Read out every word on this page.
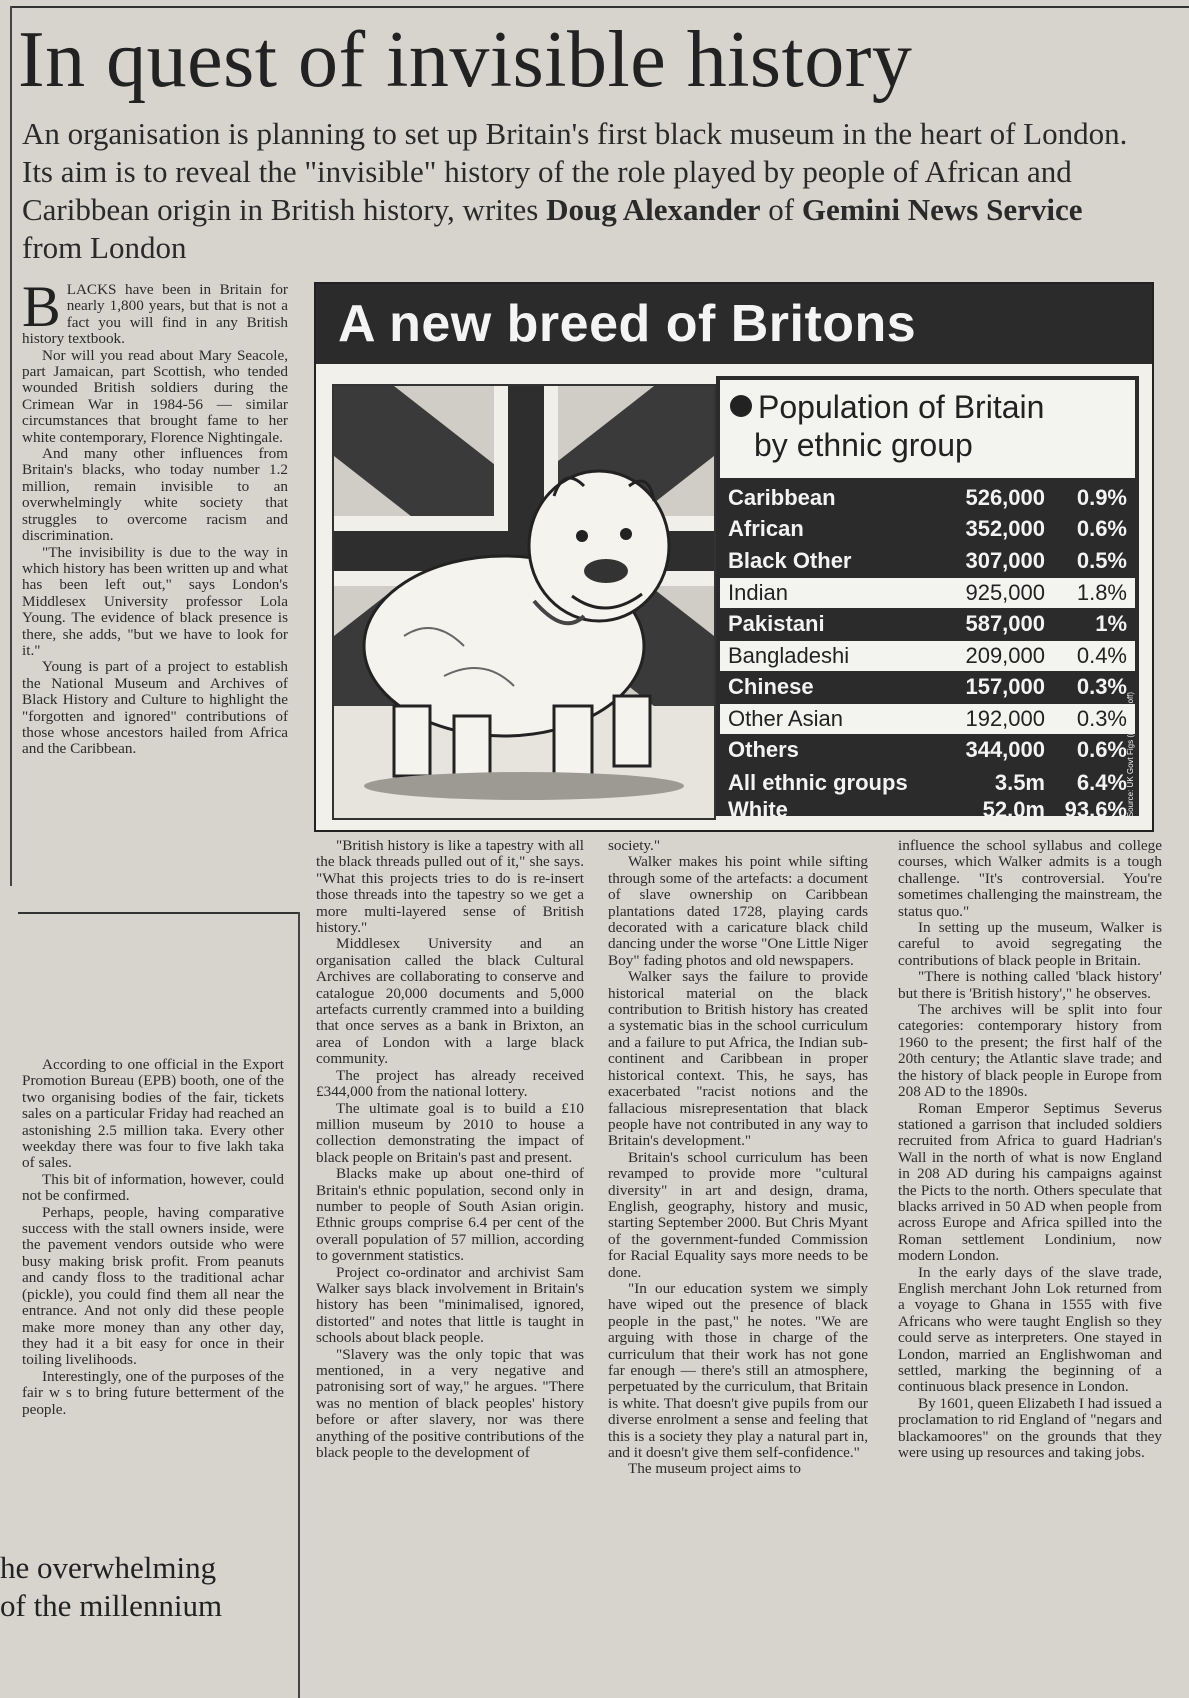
In quest of invisible history
An organisation is planning to set up Britain's first black museum in the heart of London. Its aim is to reveal the "invisible" history of the role played by people of African and Caribbean origin in British history, writes Doug Alexander of Gemini News Service from London

BLACKS have been in Britain for nearly 1,800 years, but that is not a fact you will find in any British history textbook.

Nor will you read about Mary Seacole, part Jamaican, part Scottish, who tended wounded British soldiers during the Crimean War in 1984-56 — similar circumstances that brought fame to her white contemporary, Florence Nightingale.

And many other influences from Britain's blacks, who today number 1.2 million, remain invisible to an overwhelmingly white society that struggles to overcome racism and discrimination.

"The invisibility is due to the way in which history has been written up and what has been left out," says London's Middlesex University professor Lola Young. The evidence of black presence is there, she adds, "but we have to look for it."

Young is part of a project to establish the National Museum and Archives of Black History and Culture to highlight the "forgotten and ignored" contributions of those whose ancestors hailed from Africa and the Caribbean.

According to one official in the Export Promotion Bureau (EPB) booth, one of the two organising bodies of the fair, tickets sales on a particular Friday had reached an astonishing 2.5 million taka. Every other weekday there was four to five lakh taka of sales.

This bit of information, however, could not be confirmed.

Perhaps, people, having comparative success with the stall owners inside, were the pavement vendors outside who were busy making brisk profit. From peanuts and candy floss to the traditional achar (pickle), you could find them all near the entrance. And not only did these people make more money than any other day, they had it a bit easy for once in their toiling livelihoods.

Interestingly, one of the purposes of the fair w s to bring future betterment of the people.

he overwhelming
of the millennium
A new breed of Britons
Population of Britain
by ethnic group
Caribbean	526,000	0.9%
African	352,000	0.6%
Black Other	307,000	0.5%
Indian	925,000	1.8%
Pakistani	587,000	1%
Bangladeshi	209,000	0.4%
Chinese	157,000	0.3%
Other Asian	192,000	0.3%
Others	344,000	0.6%
All ethnic groups	3.5m	6.4%
White	52.0m 93.6% Source: UK Govt Figs (rounded off)

"British history is like a tapestry with all the black threads pulled out of it," she says. "What this projects tries to do is re-insert those threads into the tapestry so we get a more multi-layered sense of British history."

Middlesex University and an organisation called the black Cultural Archives are collaborating to conserve and catalogue 20,000 documents and 5,000 artefacts currently crammed into a building that once serves as a bank in Brixton, an area of London with a large black community.

The project has already received £344,000 from the national lottery.

The ultimate goal is to build a £10 million museum by 2010 to house a collection demonstrating the impact of black people on Britain's past and present.

Blacks make up about one-third of Britain's ethnic population, second only in number to people of South Asian origin. Ethnic groups comprise 6.4 per cent of the overall population of 57 million, according to government statistics.

Project co-ordinator and archivist Sam Walker says black involvement in Britain's history has been "minimalised, ignored, distorted" and notes that little is taught in schools about black people.

"Slavery was the only topic that was mentioned, in a very negative and patronising sort of way," he argues. "There was no mention of black peoples' history before or after slavery, nor was there anything of the positive contributions of the black people to the development of

society."

Walker makes his point while sifting through some of the artefacts: a document of slave ownership on Caribbean plantations dated 1728, playing cards decorated with a caricature black child dancing under the worse "One Little Niger Boy" fading photos and old newspapers.

Walker says the failure to provide historical material on the black contribution to British history has created a systematic bias in the school curriculum and a failure to put Africa, the Indian sub-continent and Caribbean in proper historical context. This, he says, has exacerbated "racist notions and the fallacious misrepresentation that black people have not contributed in any way to Britain's development."

Britain's school curriculum has been revamped to provide more "cultural diversity" in art and design, drama, English, geography, history and music, starting September 2000. But Chris Myant of the government-funded Commission for Racial Equality says more needs to be done.

"In our education system we simply have wiped out the presence of black people in the past," he notes. "We are arguing with those in charge of the curriculum that their work has not gone far enough — there's still an atmosphere, perpetuated by the curriculum, that Britain is white. That doesn't give pupils from our diverse enrolment a sense and feeling that this is a society they play a natural part in, and it doesn't give them self-confidence."

The museum project aims to

influence the school syllabus and college courses, which Walker admits is a tough challenge. "It's controversial. You're sometimes challenging the mainstream, the status quo."

In setting up the museum, Walker is careful to avoid segregating the contributions of black people in Britain.

"There is nothing called 'black history' but there is 'British history'," he observes.

The archives will be split into four categories: contemporary history from 1960 to the present; the first half of the 20th century; the Atlantic slave trade; and the history of black people in Europe from 208 AD to the 1890s.

Roman Emperor Septimus Severus stationed a garrison that included soldiers recruited from Africa to guard Hadrian's Wall in the north of what is now England in 208 AD during his campaigns against the Picts to the north. Others speculate that blacks arrived in 50 AD when people from across Europe and Africa spilled into the Roman settlement Londinium, now modern London.

In the early days of the slave trade, English merchant John Lok returned from a voyage to Ghana in 1555 with five Africans who were taught English so they could serve as interpreters. One stayed in London, married an Englishwoman and settled, marking the beginning of a continuous black presence in London.

By 1601, queen Elizabeth I had issued a proclamation to rid England of "negars and blackamoores" on the grounds that they were using up resources and taking jobs.
